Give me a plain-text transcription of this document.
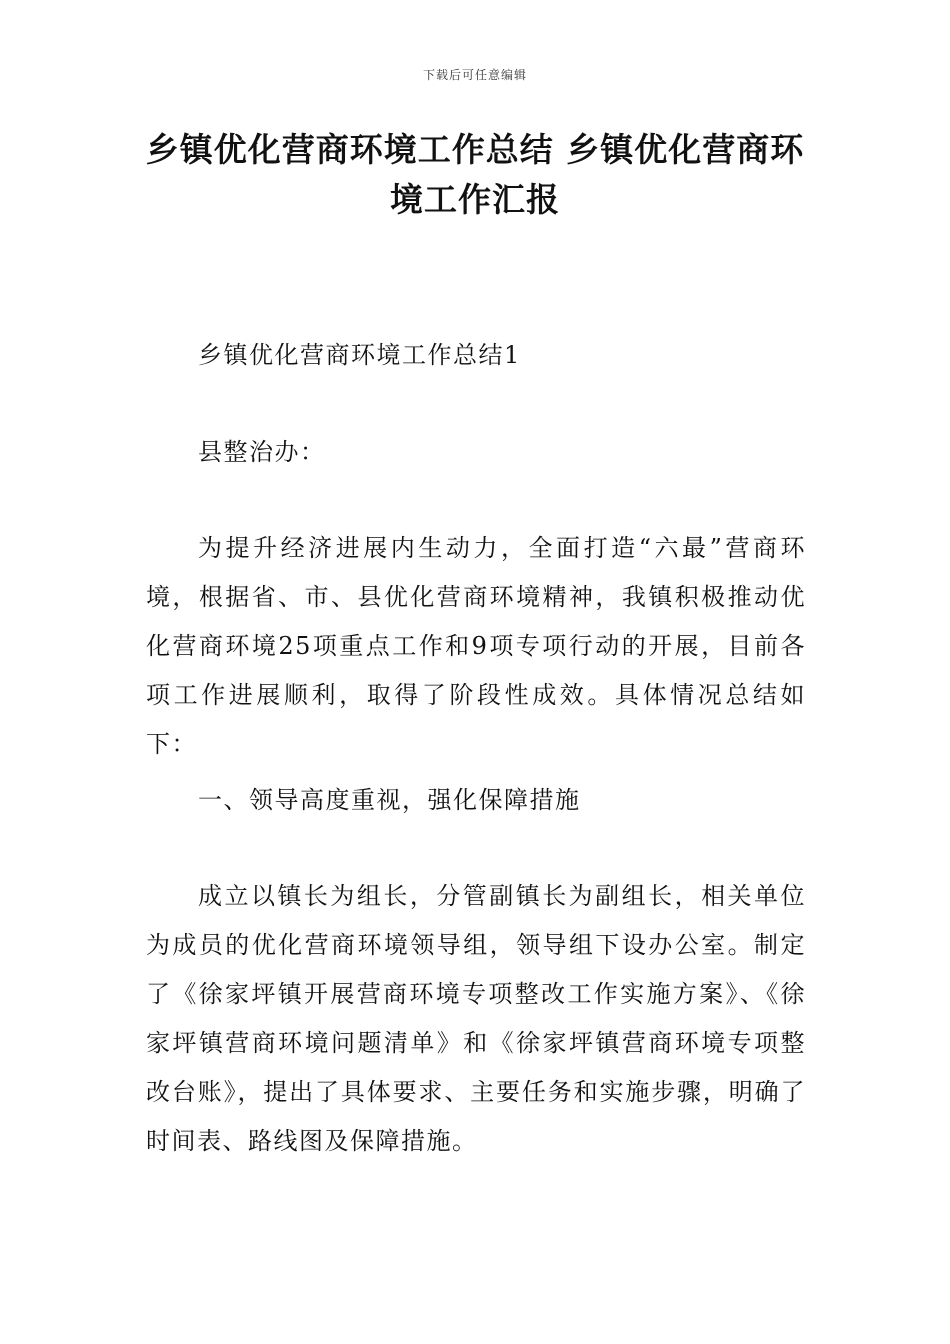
下载后可任意编辑
乡镇优化营商环境工作总结 乡镇优化营商环境工作汇报

乡镇优化营商环境工作总结1

县整治办：

为提升经济进展内生动力，全面打造“六最”营商环境，根据省、市、县优化营商环境精神，我镇积极推动优化营商环境25项重点工作和9项专项行动的开展，目前各项工作进展顺利，取得了阶段性成效。具体情况总结如下：

一、领导高度重视，强化保障措施

成立以镇长为组长，分管副镇长为副组长，相关单位为成员的优化营商环境领导组，领导组下设办公室。制定了《徐家坪镇开展营商环境专项整改工作实施方案》、《徐家坪镇营商环境问题清单》和《徐家坪镇营商环境专项整改台账》，提出了具体要求、主要任务和实施步骤，明确了时间表、路线图及保障措施。
